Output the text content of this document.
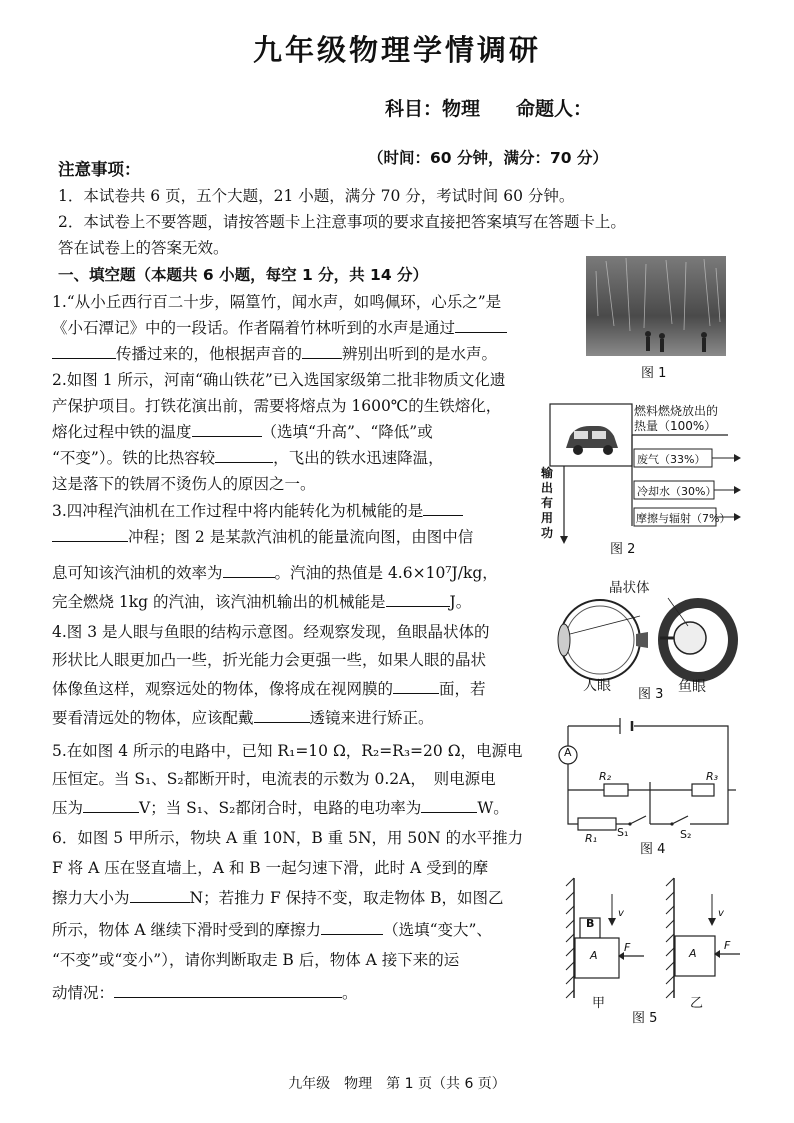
九年级物理学情调研
科目：物理 命题人：
（时间：60 分钟，满分：70 分）
注意事项：
1．本试卷共 6 页，五个大题，21 小题，满分 70 分，考试时间 60 分钟。
2．本试卷上不要答题，请按答题卡上注意事项的要求直接把答案填写在答题卡上。
答在试卷上的答案无效。
一、填空题（本题共 6 小题，每空 1 分，共 14 分）
1.“从小丘西行百二十步，隔篁竹，闻水声，如鸣佩环，心乐之”是
《小石潭记》中的一段话。作者隔着竹林听到的水声是通过
传播过来的，他根据声音的	辨别出听到的是水声。
2.如图 1 所示，河南“确山铁花”已入选国家级第二批非物质文化遗
产保护项目。打铁花演出前，需要将熔点为 1600℃的生铁熔化，
熔化过程中铁的温度	（选填“升高”、“降低”或
“不变”）。铁的比热容较	，飞出的铁水迅速降温，
这是落下的铁屑不烫伤人的原因之一。
3.四冲程汽油机在工作过程中将内能转化为机械能的是
冲程；图 2 是某款汽油机的能量流向图，由图中信
息可知该汽油机的效率为	。汽油的热值是 4.6×10⁷J/kg，
完全燃烧 1kg 的汽油，该汽油机输出的机械能是	J。
4.图 3 是人眼与鱼眼的结构示意图。经观察发现，鱼眼晶状体的
形状比人眼更加凸一些，折光能力会更强一些，如果人眼的晶状
体像鱼这样，观察远处的物体，像将成在视网膜的	面，若
要看清远处的物体，应该配戴	透镜来进行矫正。
5.在如图 4 所示的电路中，已知 R₁=10 Ω，R₂=R₃=20 Ω，电源电
压恒定。当 S₁、S₂都断开时，电流表的示数为 0.2A，　则电源电
压为	V；当 S₁、S₂都闭合时，电路的电功率为	W。
6．如图 5 甲所示，物块 A 重 10N，B 重 5N，用 50N 的水平推力
F 将 A 压在竖直墙上，A 和 B 一起匀速下滑，此时 A 受到的摩
擦力大小为	N；若推力 F 保持不变，取走物体 B，如图乙
所示，物体 A 继续下滑时受到的摩擦力	（选填“变大”、
“不变”或“变小”），请你判断取走 B 后，物体 A 接下来的运
动情况：	。
图 1
燃料燃烧放出的
热量（100%）
废气（33%）
冷却水（30%）
摩擦与辐射（7%）
输
出
有
用
功
图 2
晶状体
人眼
图 3 鱼眼
A
R₂	R₃
R₁ S₁	S₂
图 4
B
A	A
F	F
v	v
甲	乙
图 5
九年级　物理　第 1 页（共 6 页）
